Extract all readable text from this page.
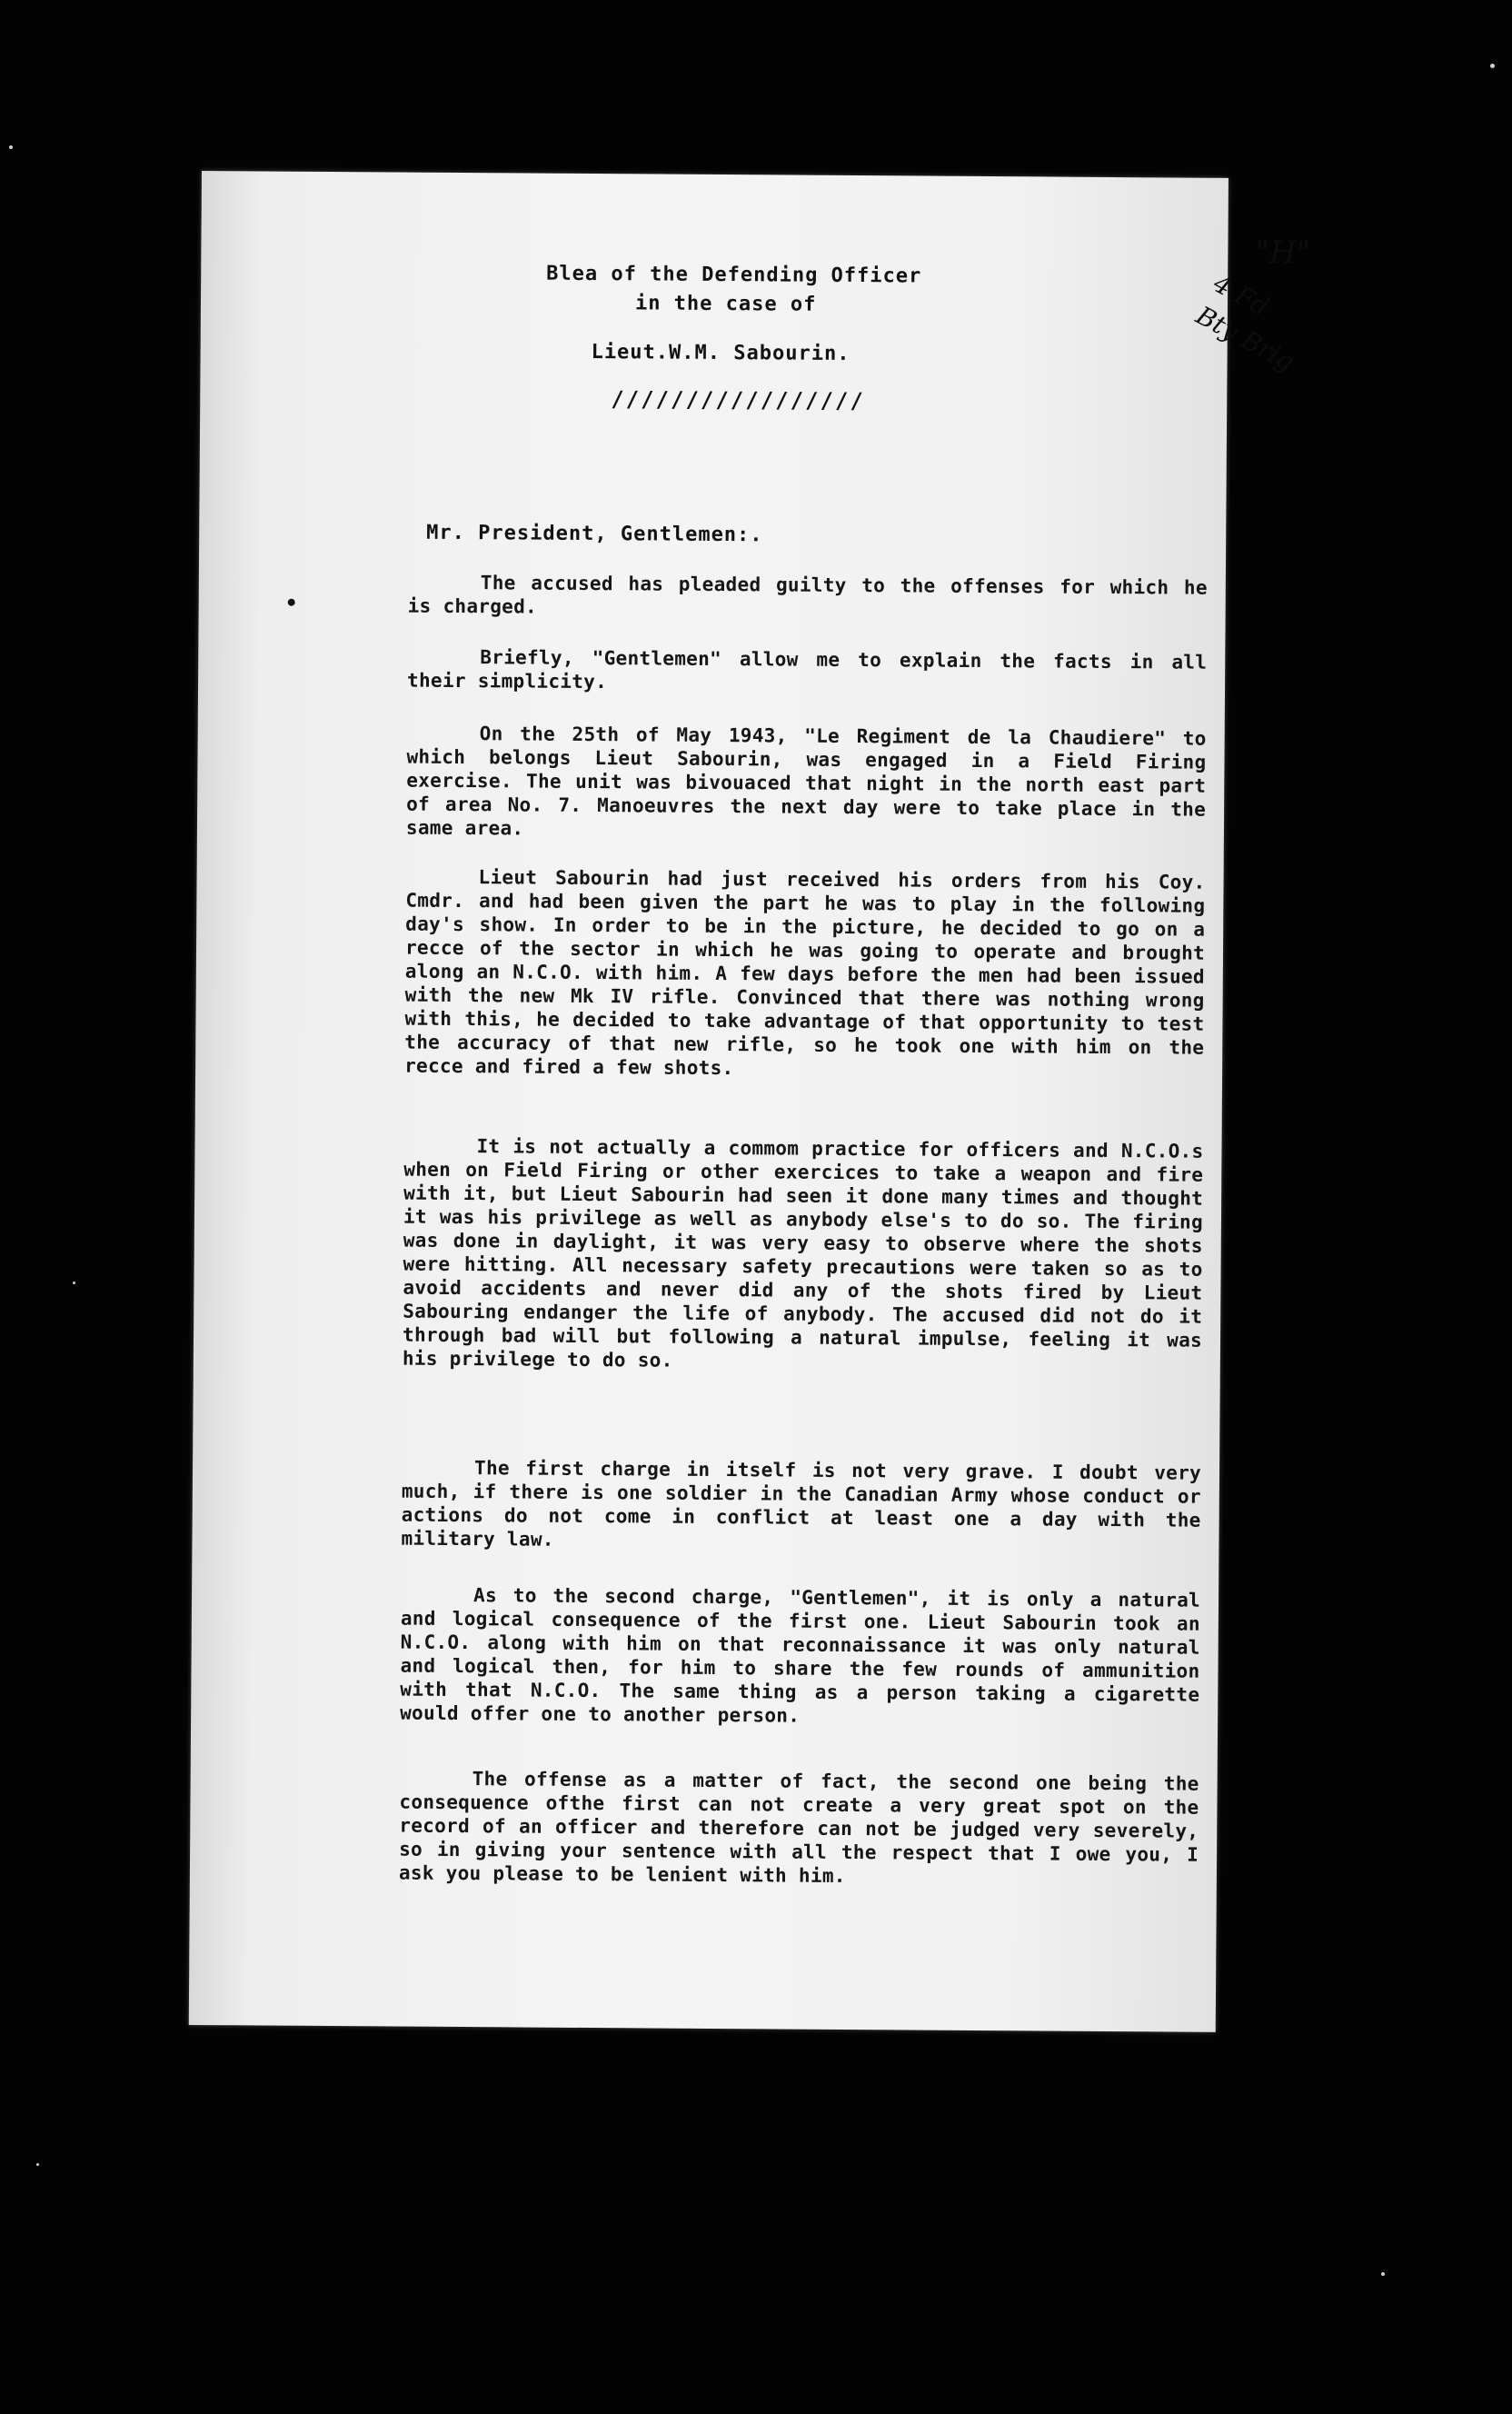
Blea of the Defending Officer
in the case of
Lieut.W.M. Sabourin.
/////////////////
"H"
4 Fd Bty Brig
Mr. President, Gentlemen:.

The accused has pleaded guilty to the offenses for which he is charged.

Briefly, "Gentlemen" allow me to explain the facts in all their simplicity.

On the 25th of May 1943, "Le Regiment de la Chaudiere" to which belongs Lieut Sabourin, was engaged in a Field Firing exercise. The unit was bivouaced that night in the north east part of area No. 7. Manoeuvres the next day were to take place in the same area.

Lieut Sabourin had just received his orders from his Coy. Cmdr. and had been given the part he was to play in the following day's show. In order to be in the picture, he decided to go on a recce of the sector in which he was going to operate and brought along an N.C.O. with him. A few days before the men had been issued with the new Mk IV rifle. Convinced that there was nothing wrong with this, he decided to take advantage of that opportunity to test the accuracy of that new rifle, so he took one with him on the recce and fired a few shots.

It is not actually a commom practice for officers and N.C.O.s when on Field Firing or other exercices to take a weapon and fire with it, but Lieut Sabourin had seen it done many times and thought it was his privilege as well as anybody else's to do so. The firing was done in daylight, it was very easy to observe where the shots were hitting. All necessary safety precautions were taken so as to avoid accidents and never did any of the shots fired by Lieut Sabouring endanger the life of anybody. The accused did not do it through bad will but following a natural impulse, feeling it was his privilege to do so.

The first charge in itself is not very grave. I doubt very much, if there is one soldier in the Canadian Army whose conduct or actions do not come in conflict at least one a day with the military law.

As to the second charge, "Gentlemen", it is only a natural and logical consequence of the first one. Lieut Sabourin took an N.C.O. along with him on that reconnaissance it was only natural and logical then, for him to share the few rounds of ammunition with that N.C.O. The same thing as a person taking a cigarette would offer one to another person.

The offense as a matter of fact, the second one being the consequence ofthe first can not create a very great spot on the record of an officer and therefore can not be judged very severely, so in giving your sentence with all the respect that I owe you, I ask you please to be lenient with him.
